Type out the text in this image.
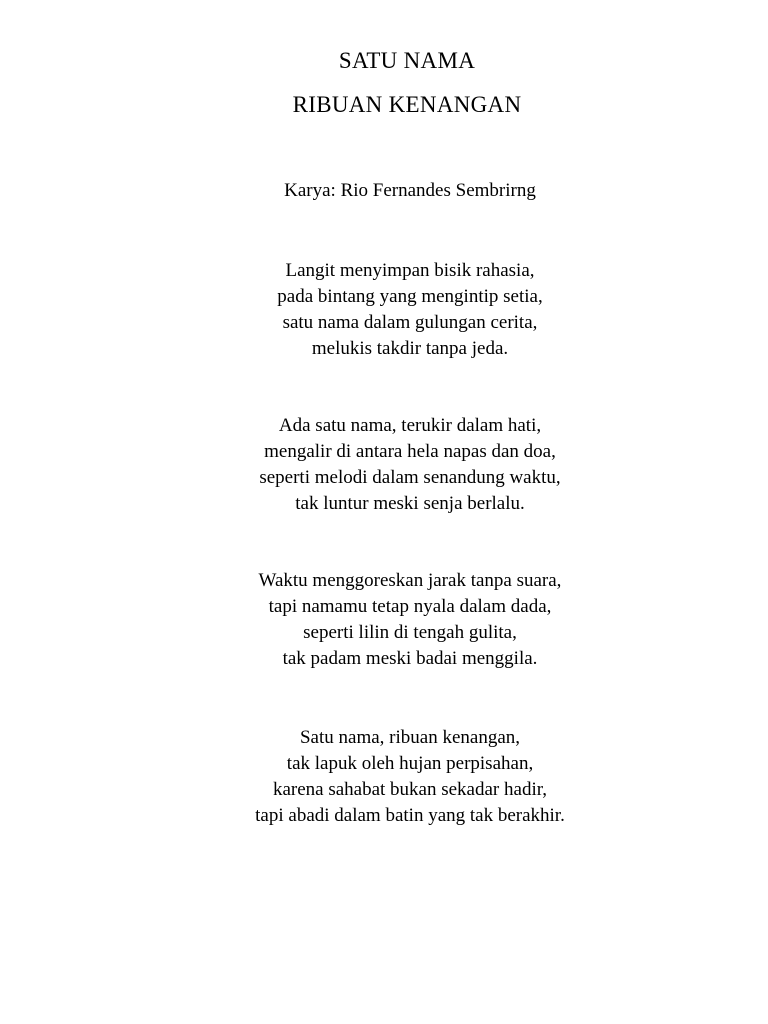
SATU NAMA
RIBUAN KENANGAN
Karya: Rio Fernandes Sembrirng
Langit menyimpan bisik rahasia,
pada bintang yang mengintip setia,
satu nama dalam gulungan cerita,
melukis takdir tanpa jeda.
Ada satu nama, terukir dalam hati,
mengalir di antara hela napas dan doa,
seperti melodi dalam senandung waktu,
tak luntur meski senja berlalu.
Waktu menggoreskan jarak tanpa suara,
tapi namamu tetap nyala dalam dada,
seperti lilin di tengah gulita,
tak padam meski badai menggila.
Satu nama, ribuan kenangan,
tak lapuk oleh hujan perpisahan,
karena sahabat bukan sekadar hadir,
tapi abadi dalam batin yang tak berakhir.
